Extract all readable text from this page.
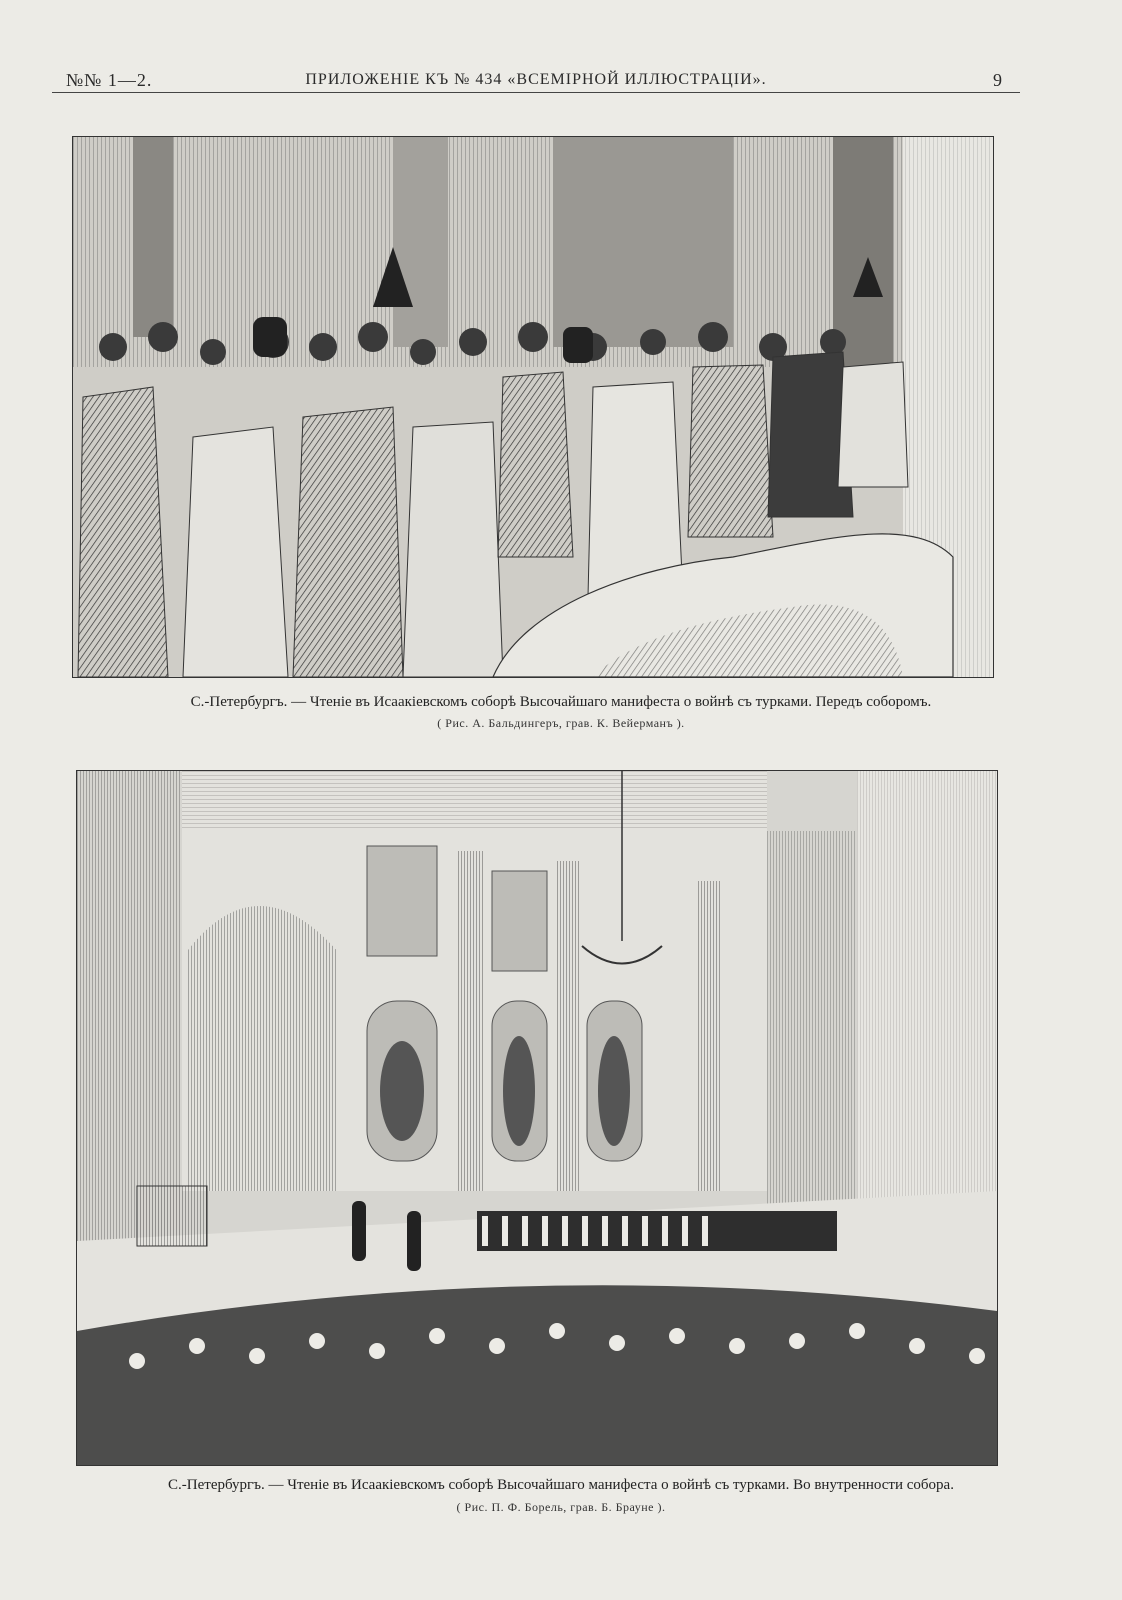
№№ 1—2.	ПРИЛОЖЕНІЕ КЪ № 434 «ВСЕМІРНОЙ ИЛЛЮСТРАЦІИ».	9
С.-Петербургъ. — Чтеніе въ Исаакіевскомъ соборѣ Высочайшаго манифеста о войнѣ съ турками. Передъ соборомъ.
( Рис. А. Бальдингеръ, грав. К. Вейерманъ ).
С.-Петербургъ. — Чтеніе въ Исаакіевскомъ соборѣ Высочайшаго манифеста о войнѣ съ турками. Во внутренности собора.
( Рис. П. Ф. Борель, грав. Б. Брауне ).
